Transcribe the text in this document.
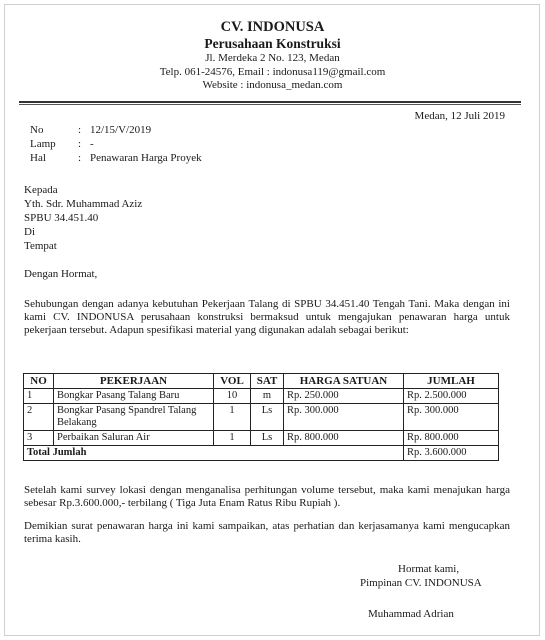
CV. INDONUSA
Perusahaan Konstruksi
Jl. Merdeka 2 No. 123, Medan
Telp. 061-24576, Email : indonusa119@gmail.com
Website : indonusa_medan.com
Medan, 12 Juli 2019
No	: 12/15/V/2019
Lamp : -
Hal	: Penawaran Harga Proyek
Kepada
Yth. Sdr. Muhammad Aziz
SPBU 34.451.40
Di
Tempat
Dengan Hormat,
Sehubungan dengan adanya kebutuhan Pekerjaan Talang di SPBU 34.451.40 Tengah Tani. Maka dengan ini kami CV. INDONUSA perusahaan konstruksi bermaksud untuk mengajukan penawaran harga untuk pekerjaan tersebut. Adapun spesifikasi material yang digunakan adalah sebagai berikut:
NO	PEKERJAAN	VOL	SAT	HARGA SATUAN	JUMLAH
1	Bongkar Pasang Talang Baru	10	m	Rp. 250.000	Rp. 2.500.000
2	Bongkar Pasang Spandrel Talang Belakang	1	Ls	Rp. 300.000	Rp. 300.000
3	Perbaikan Saluran Air	1	Ls	Rp. 800.000	Rp. 800.000
Total Jumlah					Rp. 3.600.000
Setelah kami survey lokasi dengan menganalisa perhitungan volume tersebut, maka kami menajukan harga sebesar Rp.3.600.000,- terbilang ( Tiga Juta Enam Ratus Ribu Rupiah ).
Demikian surat penawaran harga ini kami sampaikan, atas perhatian dan kerjasamanya kami mengucapkan terima kasih.
Hormat kami,
Pimpinan CV. INDONUSA
Muhammad Adrian
